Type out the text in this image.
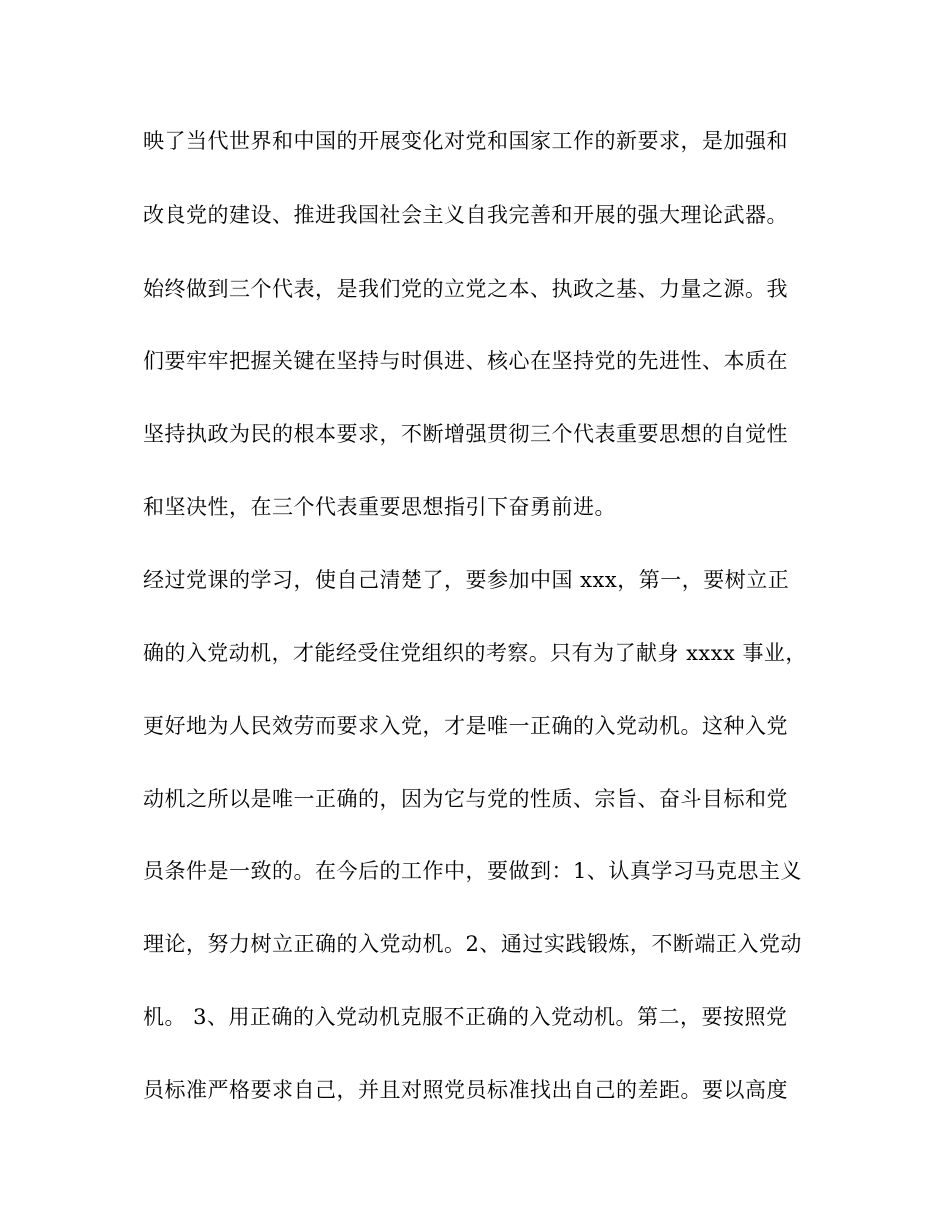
映了当代世界和中国的开展变化对党和国家工作的新要求，是加强和
改良党的建设、推进我国社会主义自我完善和开展的强大理论武器。
始终做到三个代表，是我们党的立党之本、执政之基、力量之源。我
们要牢牢把握关键在坚持与时俱进、核心在坚持党的先进性、本质在
坚持执政为民的根本要求，不断增强贯彻三个代表重要思想的自觉性
和坚决性，在三个代表重要思想指引下奋勇前进。
经过党课的学习，使自己清楚了，要参加中国 xxx，第一，要树立正
确的入党动机，才能经受住党组织的考察。只有为了献身 xxxx 事业，
更好地为人民效劳而要求入党，才是唯一正确的入党动机。这种入党
动机之所以是唯一正确的，因为它与党的性质、宗旨、奋斗目标和党
员条件是一致的。在今后的工作中，要做到：1、认真学习马克思主义
理论，努力树立正确的入党动机。2、通过实践锻炼，不断端正入党动
机。 3、用正确的入党动机克服不正确的入党动机。第二，要按照党
员标准严格要求自己，并且对照党员标准找出自己的差距。要以高度
